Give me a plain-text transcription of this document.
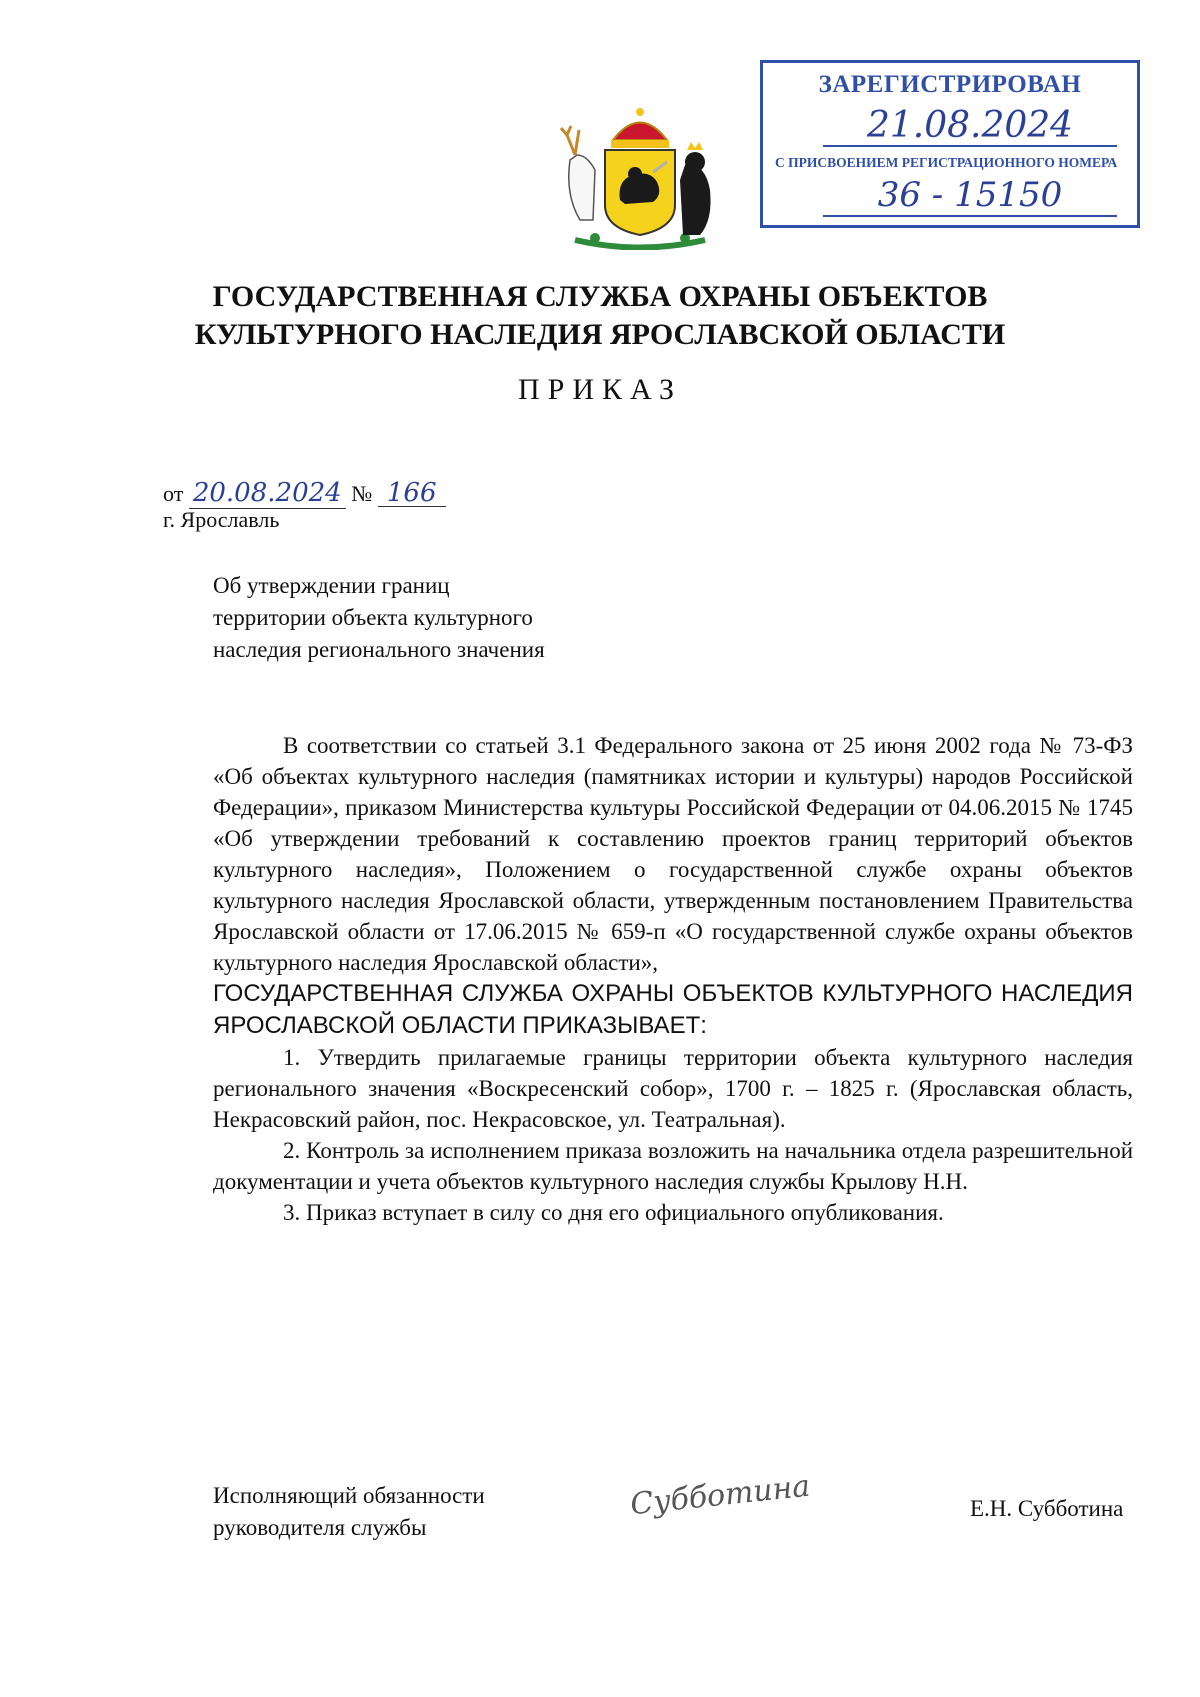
ЗАРЕГИСТРИРОВАН
21.08.2024
С ПРИСВОЕНИЕМ РЕГИСТРАЦИОННОГО НОМЕРА
36 - 15150
ГОСУДАРСТВЕННАЯ СЛУЖБА ОХРАНЫ ОБЪЕКТОВ
КУЛЬТУРНОГО НАСЛЕДИЯ ЯРОСЛАВСКОЙ ОБЛАСТИ
ПРИКАЗ
от 20.08.2024 № 166
г. Ярославль
Об утверждении границ
территории объекта культурного
наследия регионального значения

В соответствии со статьей 3.1 Федерального закона от 25 июня 2002 года № 73-ФЗ «Об объектах культурного наследия (памятниках истории и культуры) народов Российской Федерации», приказом Министерства культуры Российской Федерации от 04.06.2015 № 1745 «Об утверждении требований к составлению проектов границ территорий объектов культурного наследия», Положением о государственной службе охраны объектов культурного наследия Ярославской области, утвержденным постановлением Правительства Ярославской области от 17.06.2015 № 659-п «О государственной службе охраны объектов культурного наследия Ярославской области»,

ГОСУДАРСТВЕННАЯ СЛУЖБА ОХРАНЫ ОБЪЕКТОВ КУЛЬТУРНОГО НАСЛЕДИЯ ЯРОСЛАВСКОЙ ОБЛАСТИ ПРИКАЗЫВАЕТ:

1. Утвердить прилагаемые границы территории объекта культурного наследия регионального значения «Воскресенский собор», 1700 г. – 1825 г. (Ярославская область, Некрасовский район, пос. Некрасовское, ул. Театральная).

2. Контроль за исполнением приказа возложить на начальника отдела разрешительной документации и учета объектов культурного наследия службы Крылову Н.Н.

3. Приказ вступает в силу со дня его официального опубликования.

Исполняющий обязанности
руководителя службы
Субботина	Е.Н. Субботина
